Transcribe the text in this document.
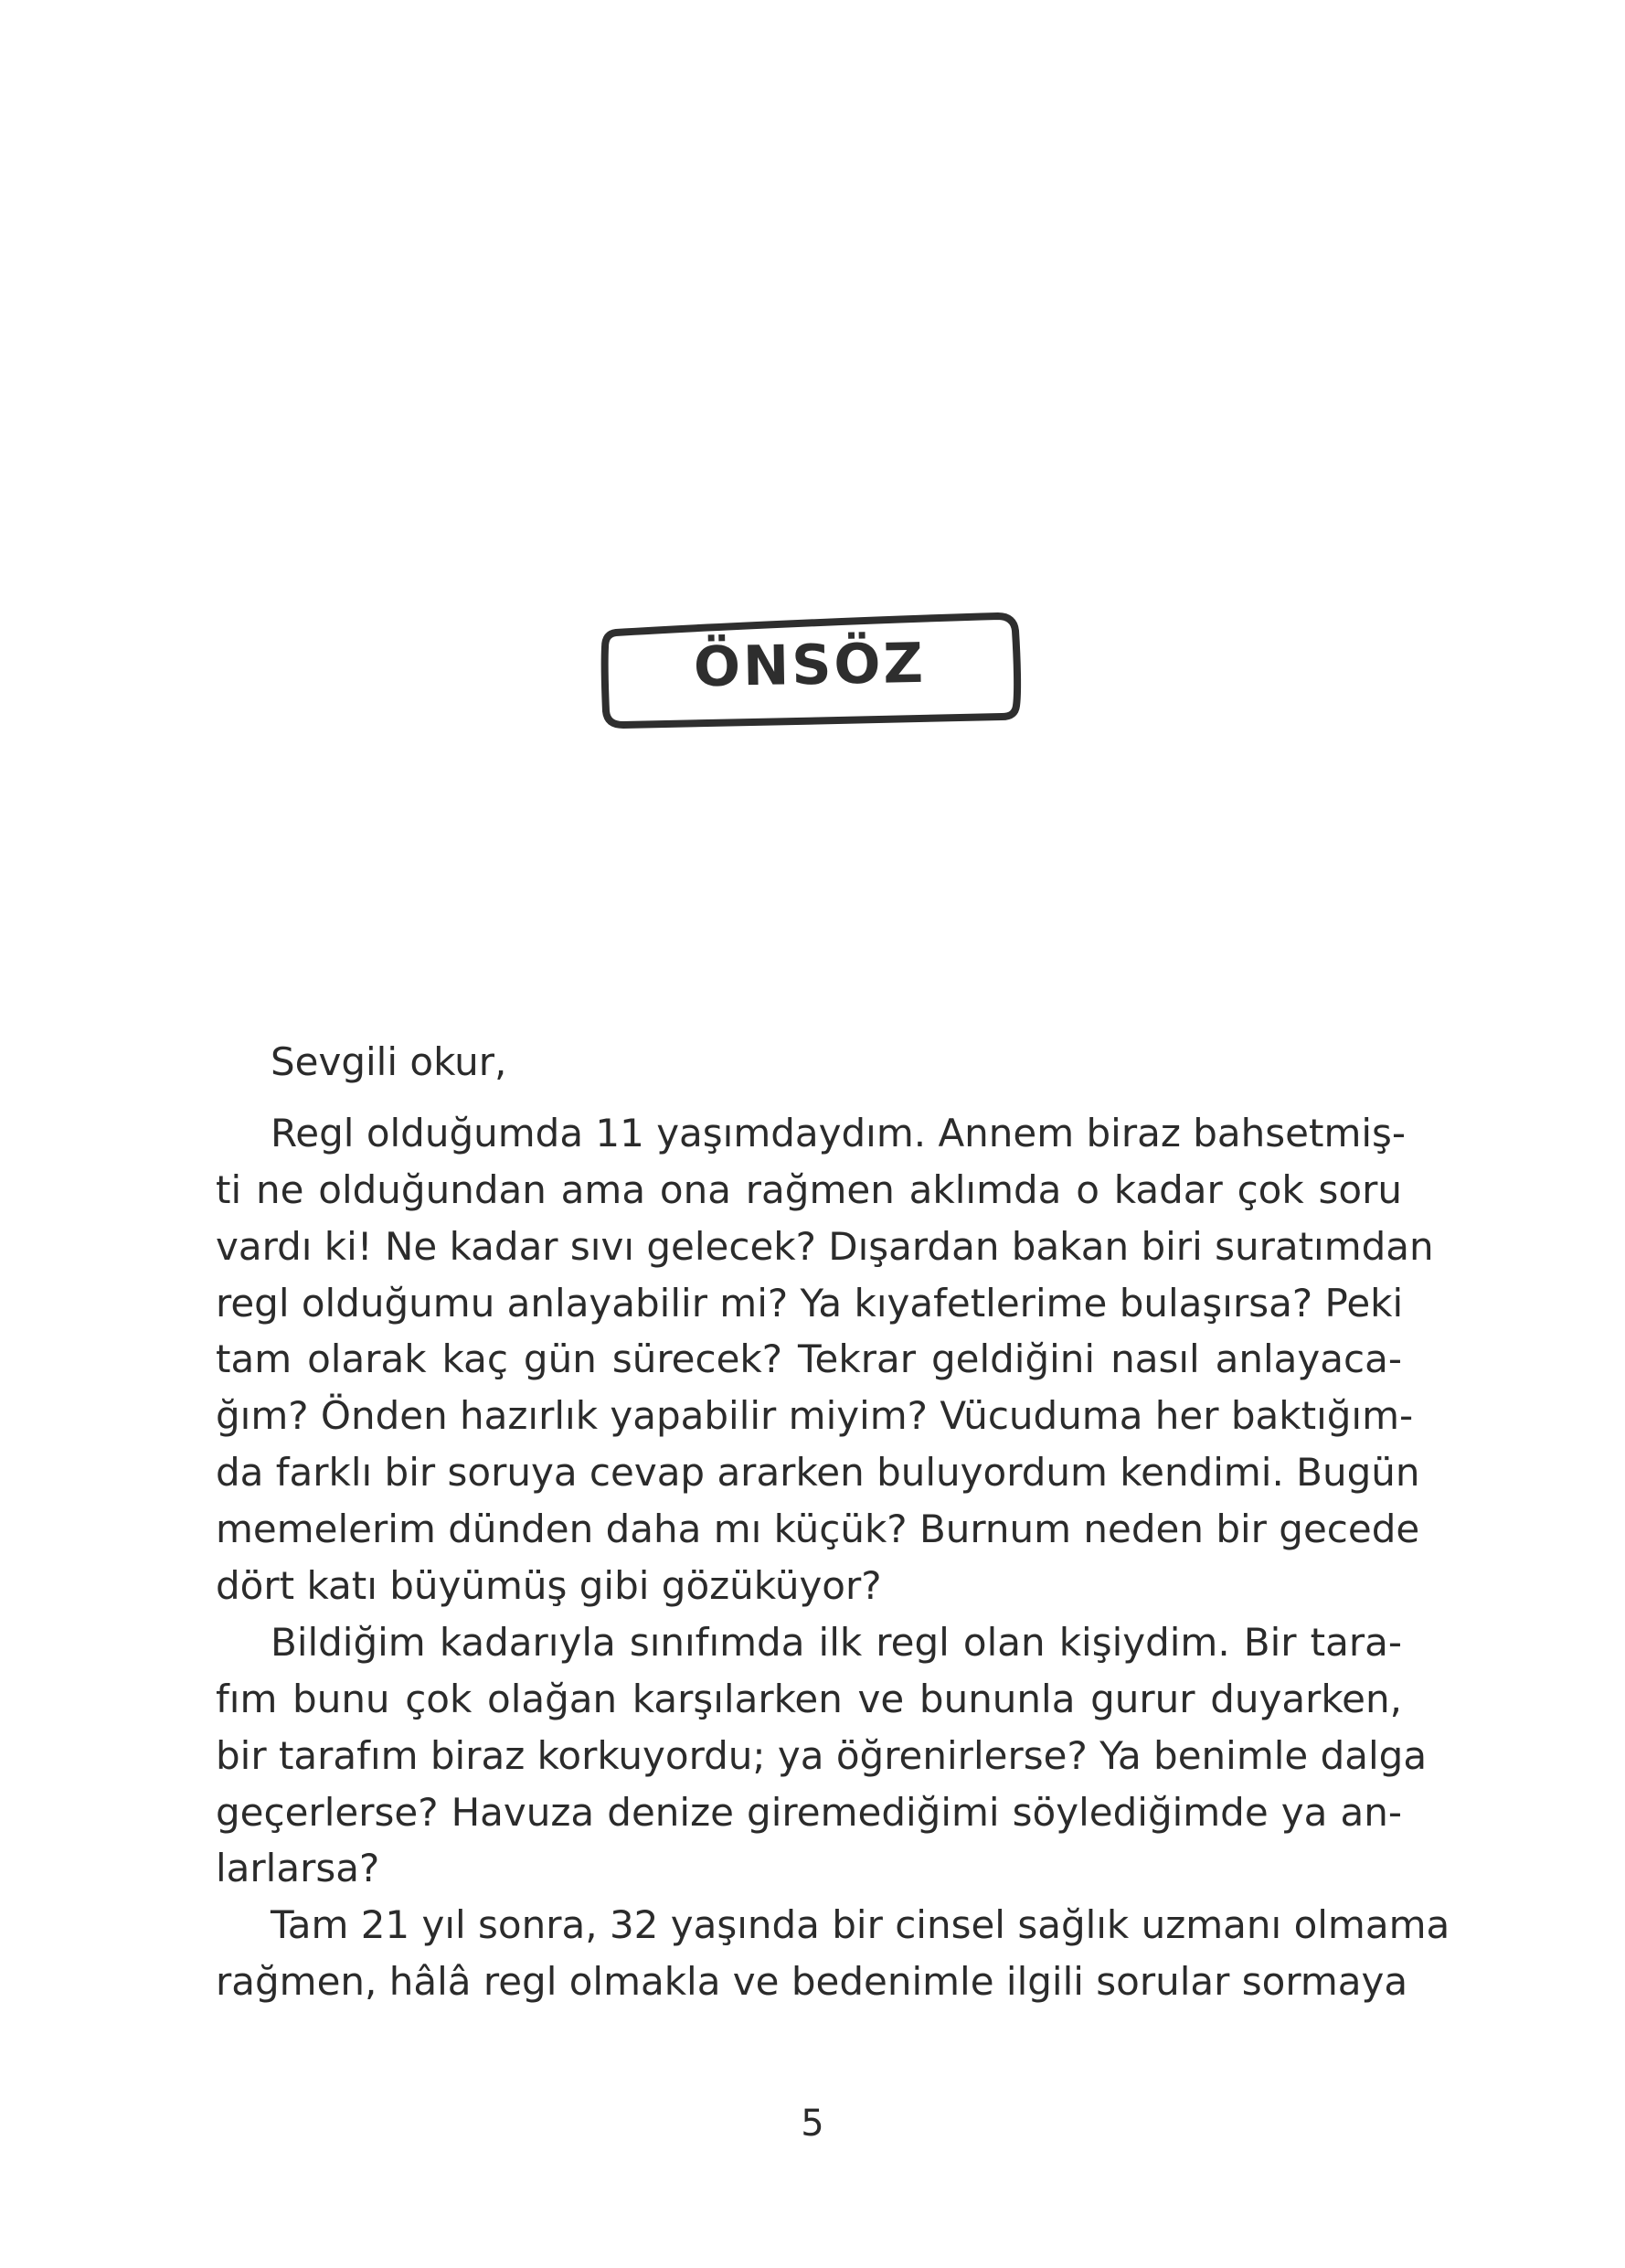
ÖNSÖZ
Sevgili okur,
Regl olduğumda 11 yaşımdaydım. Annem biraz bahsetmiş-
ti ne olduğundan ama ona rağmen aklımda o kadar çok soru
vardı ki! Ne kadar sıvı gelecek? Dışardan bakan biri suratımdan
regl olduğumu anlayabilir mi? Ya kıyafetlerime bulaşırsa? Peki
tam olarak kaç gün sürecek? Tekrar geldiğini nasıl anlayaca-
ğım? Önden hazırlık yapabilir miyim? Vücuduma her baktığım-
da farklı bir soruya cevap ararken buluyordum kendimi. Bugün
memelerim dünden daha mı küçük? Burnum neden bir gecede
dört katı büyümüş gibi gözüküyor?
Bildiğim kadarıyla sınıfımda ilk regl olan kişiydim. Bir tara-
fım bunu çok olağan karşılarken ve bununla gurur duyarken,
bir tarafım biraz korkuyordu; ya öğrenirlerse? Ya benimle dalga
geçerlerse? Havuza denize giremediğimi söylediğimde ya an-
larlarsa?
Tam 21 yıl sonra, 32 yaşında bir cinsel sağlık uzmanı olmama
rağmen, hâlâ regl olmakla ve bedenimle ilgili sorular sormaya
5
